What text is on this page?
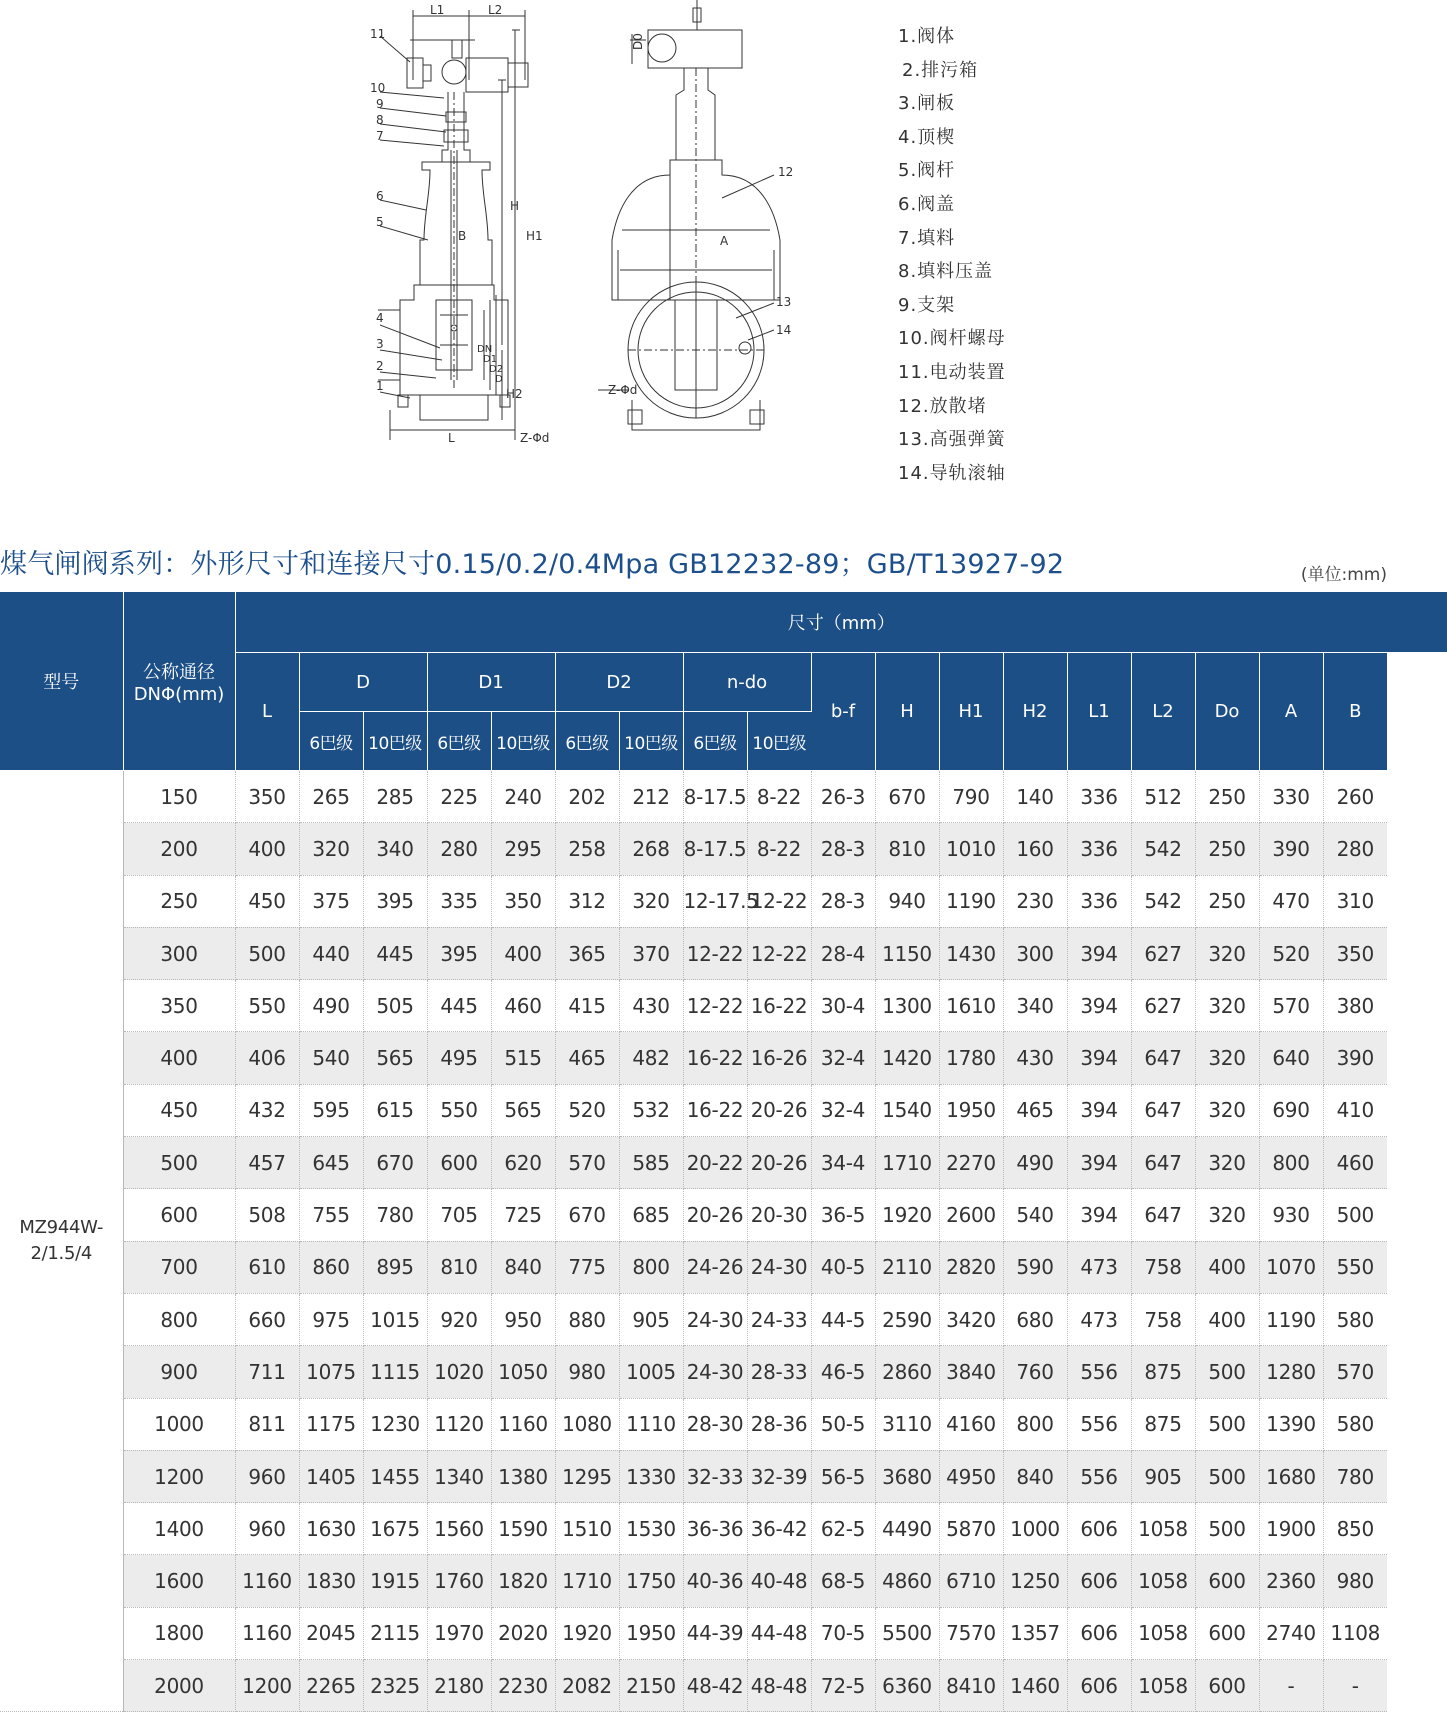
L1	L2
D0
H
H1
H2
L	Z-Φd
DN
D1
D2
D
B
11
10
9
8
7
6
5
4
3
2
1
A
Z-Φd
12
13
14
1.阀体
2.排污箱
3.闸板
4.顶楔
5.阀杆
6.阀盖
7.填料
8.填料压盖
9.支架
10.阀杆螺母
11.电动装置
12.放散堵
13.高强弹簧
14.导轨滚轴
煤气闸阀系列：外形尺寸和连接尺寸0.15/0.2/0.4Mpa GB12232-89；GB/T13927-92	(单位:mm)
型号	公称通径
DNΦ(mm)	尺寸（mm）																	
		L	D		D1		D2		n-do		b-f	H	H1	H2	L1	L2	Do	A	B
			6巴级	10巴级	6巴级	10巴级	6巴级	10巴级	6巴级	10巴级									

MZ944W-
2/1.5/4	150	350	265	285	225	240	202	212	8-17.5	8-22	26-3	670	790	140	336	512	250	330	260
	200	400	320	340	280	295	258	268	8-17.5	8-22	28-3	810	1010	160	336	542	250	390	280
	250	450	375	395	335	350	312	320	12-17.5	12-22	28-3	940	1190	230	336	542	250	470	310
	300	500	440	445	395	400	365	370	12-22	12-22	28-4	1150	1430	300	394	627	320	520	350
	350	550	490	505	445	460	415	430	12-22	16-22	30-4	1300	1610	340	394	627	320	570	380
	400	406	540	565	495	515	465	482	16-22	16-26	32-4	1420	1780	430	394	647	320	640	390
	450	432	595	615	550	565	520	532	16-22	20-26	32-4	1540	1950	465	394	647	320	690	410
	500	457	645	670	600	620	570	585	20-22	20-26	34-4	1710	2270	490	394	647	320	800	460
	600	508	755	780	705	725	670	685	20-26	20-30	36-5	1920	2600	540	394	647	320	930	500
	700	610	860	895	810	840	775	800	24-26	24-30	40-5	2110	2820	590	473	758	400	1070	550
	800	660	975	1015	920	950	880	905	24-30	24-33	44-5	2590	3420	680	473	758	400	1190	580
	900	711	1075	1115	1020	1050	980	1005	24-30	28-33	46-5	2860	3840	760	556	875	500	1280	570
	1000	811	1175	1230	1120	1160	1080	1110	28-30	28-36	50-5	3110	4160	800	556	875	500	1390	580
	1200	960	1405	1455	1340	1380	1295	1330	32-33	32-39	56-5	3680	4950	840	556	905	500	1680	780
	1400	960	1630	1675	1560	1590	1510	1530	36-36	36-42	62-5	4490	5870	1000	606	1058	500	1900	850
	1600	1160	1830	1915	1760	1820	1710	1750	40-36	40-48	68-5	4860	6710	1250	606	1058	600	2360	980
	1800	1160	2045	2115	1970	2020	1920	1950	44-39	44-48	70-5	5500	7570	1357	606	1058	600	2740	1108
	2000	1200	2265	2325	2180	2230	2082	2150	48-42	48-48	72-5	6360	8410	1460	606	1058	600	-	-
